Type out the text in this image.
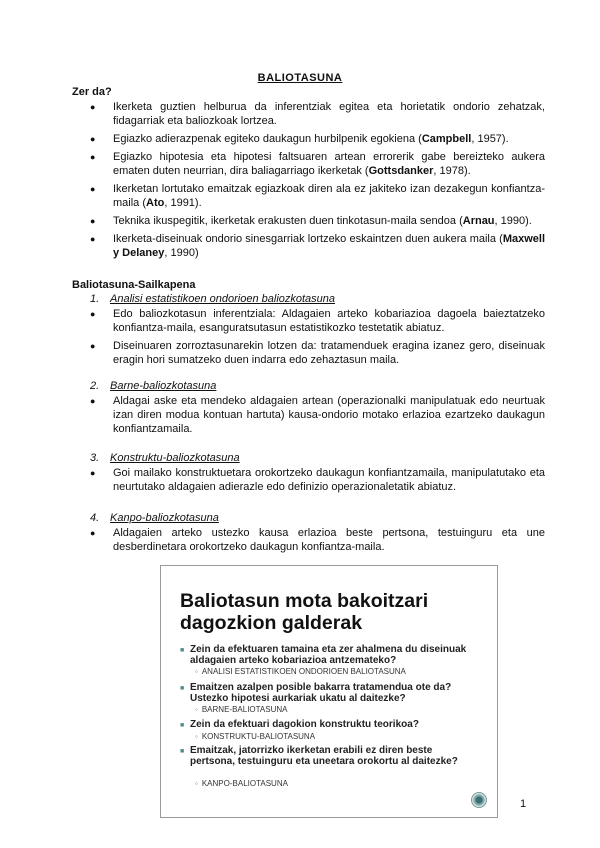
BALIOTASUNA
Zer da?
● Ikerketa guztien helburua da inferentziak egitea eta horietatik ondorio zehatzak, fidagarriak eta baliozkoak lortzea.
● Egiazko adierazpenak egiteko daukagun hurbilpenik egokiena (Campbell, 1957).
● Egiazko hipotesia eta hipotesi faltsuaren artean errorerik gabe bereizteko aukera ematen duten neurrian, dira baliagarriago ikerketak (Gottsdanker, 1978).
● Ikerketan lortutako emaitzak egiazkoak diren ala ez jakiteko izan dezakegun konfiantza-maila (Ato, 1991).
● Teknika ikuspegitik, ikerketak erakusten duen tinkotasun-maila sendoa (Arnau, 1990).
● Ikerketa-diseinuak ondorio sinesgarriak lortzeko eskaintzen duen aukera maila (Maxwell y Delaney, 1990)
Baliotasuna-Sailkapena
1. Analisi estatistikoen ondorioen baliozkotasuna
● Edo baliozkotasun inferentziala: Aldagaien arteko kobariazioa dagoela baieztatzeko konfiantza-maila, esanguratsutasun estatistikozko testetatik abiatuz.
● Diseinuaren zorroztasunarekin lotzen da: tratamenduek eragina izanez gero, diseinuak eragin hori sumatzeko duen indarra edo zehaztasun maila.
2. Barne-baliozkotasuna
● Aldagai aske eta mendeko aldagaien artean (operazionalki manipulatuak edo neurtuak izan diren modua kontuan hartuta) kausa-ondorio motako erlazioa ezartzeko daukagun konfiantzamaila.
3. Konstruktu-baliozkotasuna
● Goi mailako konstruktuetara orokortzeko daukagun konfiantzamaila, manipulatutako eta neurtutako aldagaien adierazle edo definizio operazionaletatik abiatuz.
4. Kanpo-baliozkotasuna
● Aldagaien arteko ustezko kausa erlazioa beste pertsona, testuinguru eta une desberdinetara orokortzeko daukagun konfiantza-maila.
Baliotasun mota bakoitzari dagozkion galderak
■ Zein da efektuaren tamaina eta zer ahalmena du diseinuak aldagaien arteko kobariazioa antzemateko?
◦ ANALISI ESTATISTIKOEN ONDORIOEN BALIOTASUNA
■ Emaitzen azalpen posible bakarra tratamendua ote da? Ustezko hipotesi aurkariak ukatu al daitezke?
◦ BARNE-BALIOTASUNA
■ Zein da efektuari dagokion konstruktu teorikoa?
◦ KONSTRUKTU-BALIOTASUNA
■ Emaitzak, jatorrizko ikerketan erabili ez diren beste pertsona, testuinguru eta uneetara orokortu al daitezke?
◦ KANPO-BALIOTASUNA
1
